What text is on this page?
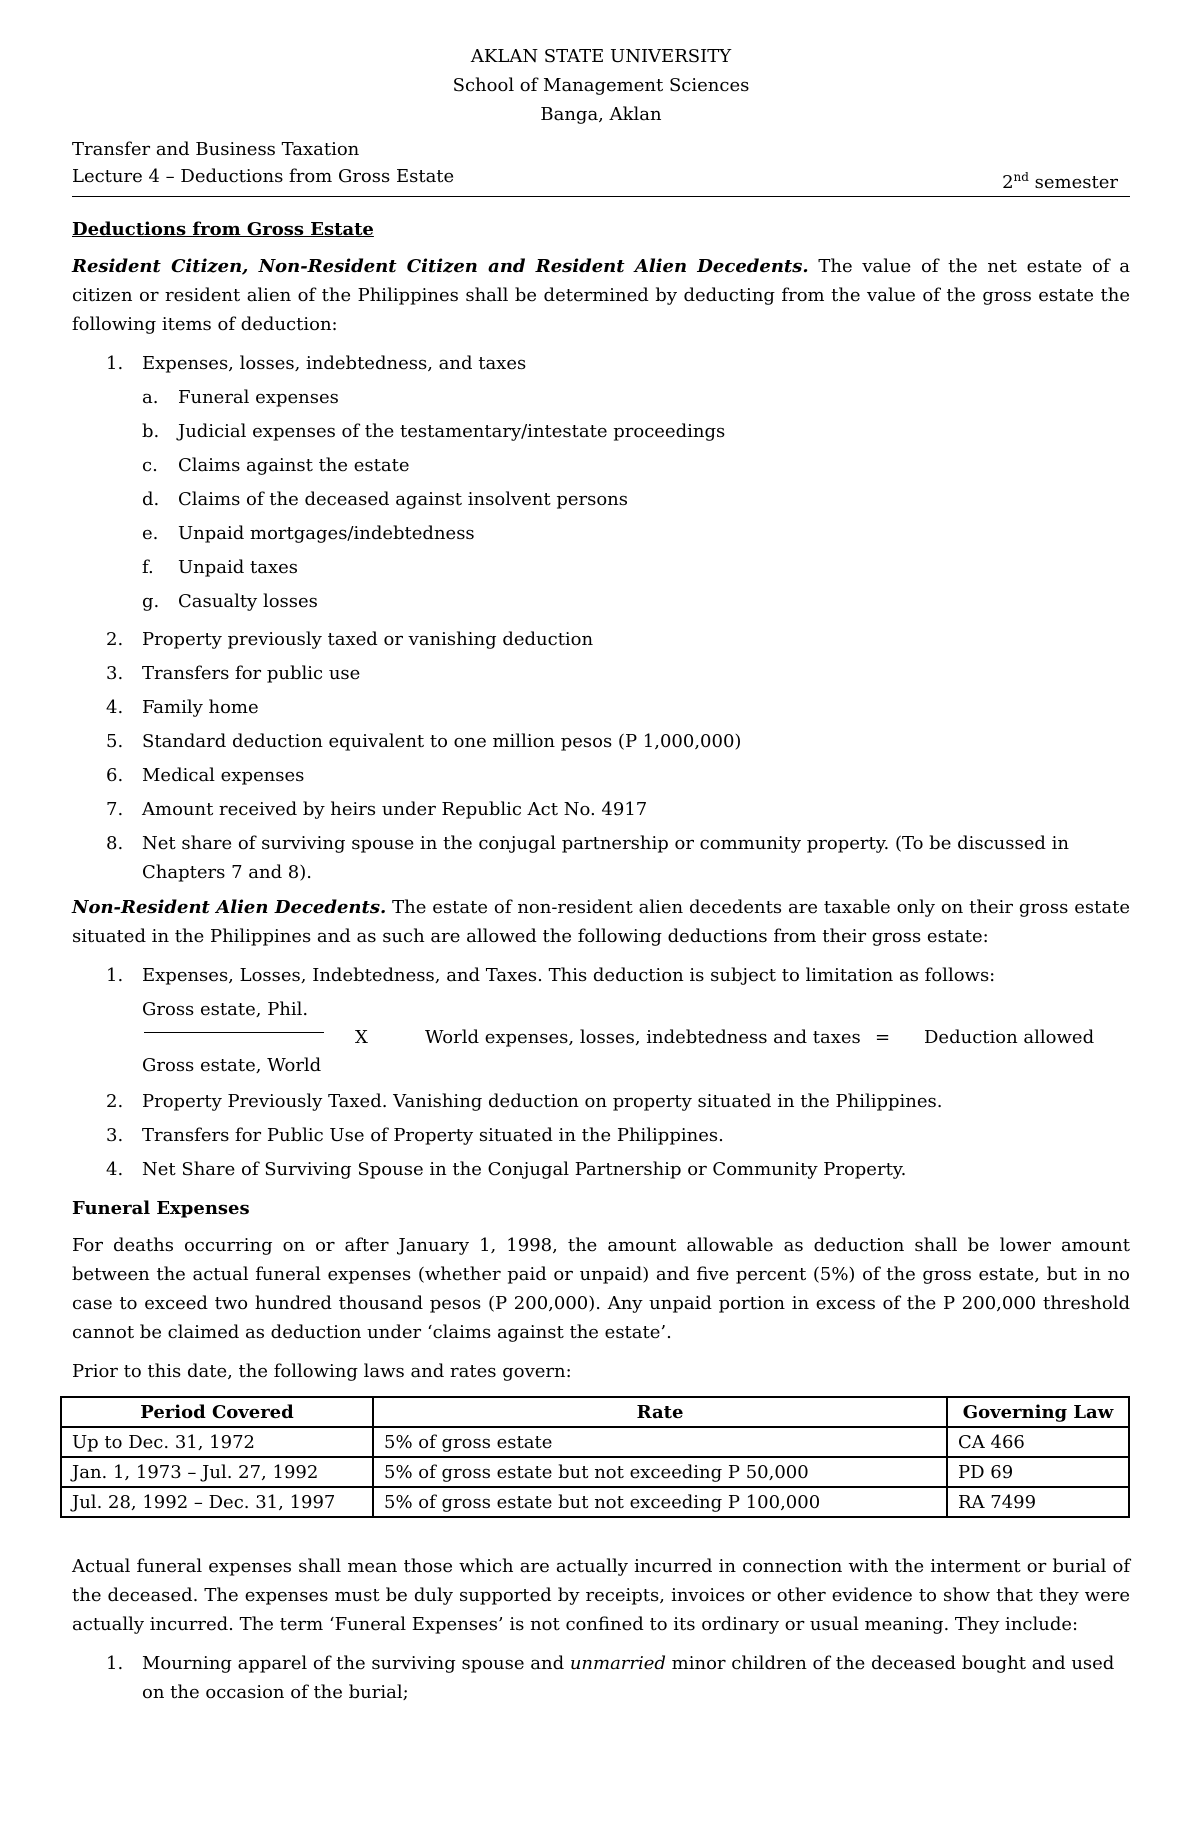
AKLAN STATE UNIVERSITY
School of Management Sciences
Banga, Aklan
Transfer and Business Taxation
Lecture 4 – Deductions from Gross Estate	2nd semester
Deductions from Gross Estate

Resident Citizen, Non-Resident Citizen and Resident Alien Decedents. The value of the net estate of a citizen or resident alien of the Philippines shall be determined by deducting from the value of the gross estate the following items of deduction:

1. Expenses, losses, indebtedness, and taxes
a. Funeral expenses
b. Judicial expenses of the testamentary/intestate proceedings
c. Claims against the estate
d. Claims of the deceased against insolvent persons
e. Unpaid mortgages/indebtedness
f. Unpaid taxes
g. Casualty losses
2. Property previously taxed or vanishing deduction
3. Transfers for public use
4. Family home
5. Standard deduction equivalent to one million pesos (P 1,000,000)
6. Medical expenses
7. Amount received by heirs under Republic Act No. 4917
8. Net share of surviving spouse in the conjugal partnership or community property. (To be discussed in Chapters 7 and 8).

Non-Resident Alien Decedents. The estate of non-resident alien decedents are taxable only on their gross estate situated in the Philippines and as such are allowed the following deductions from their gross estate:

1. Expenses, Losses, Indebtedness, and Taxes. This deduction is subject to limitation as follows:
Gross estate, Phil.
Gross estate, World
X	World expenses, losses, indebtedness and taxes = Deduction allowed
2. Property Previously Taxed. Vanishing deduction on property situated in the Philippines.
3. Transfers for Public Use of Property situated in the Philippines.
4. Net Share of Surviving Spouse in the Conjugal Partnership or Community Property.
Funeral Expenses

For deaths occurring on or after January 1, 1998, the amount allowable as deduction shall be lower amount between the actual funeral expenses (whether paid or unpaid) and five percent (5%) of the gross estate, but in no case to exceed two hundred thousand pesos (P 200,000). Any unpaid portion in excess of the P 200,000 threshold cannot be claimed as deduction under ‘claims against the estate’.

Prior to this date, the following laws and rates govern:

Period Covered	Rate	Governing Law
Up to Dec. 31, 1972	5% of gross estate	CA 466
Jan. 1, 1973 – Jul. 27, 1992	5% of gross estate but not exceeding P 50,000	PD 69
Jul. 28, 1992 – Dec. 31, 1997	5% of gross estate but not exceeding P 100,000	RA 7499

Actual funeral expenses shall mean those which are actually incurred in connection with the interment or burial of the deceased. The expenses must be duly supported by receipts, invoices or other evidence to show that they were actually incurred. The term ‘Funeral Expenses’ is not confined to its ordinary or usual meaning. They include:

1. Mourning apparel of the surviving spouse and unmarried minor children of the deceased bought and used on the occasion of the burial;
